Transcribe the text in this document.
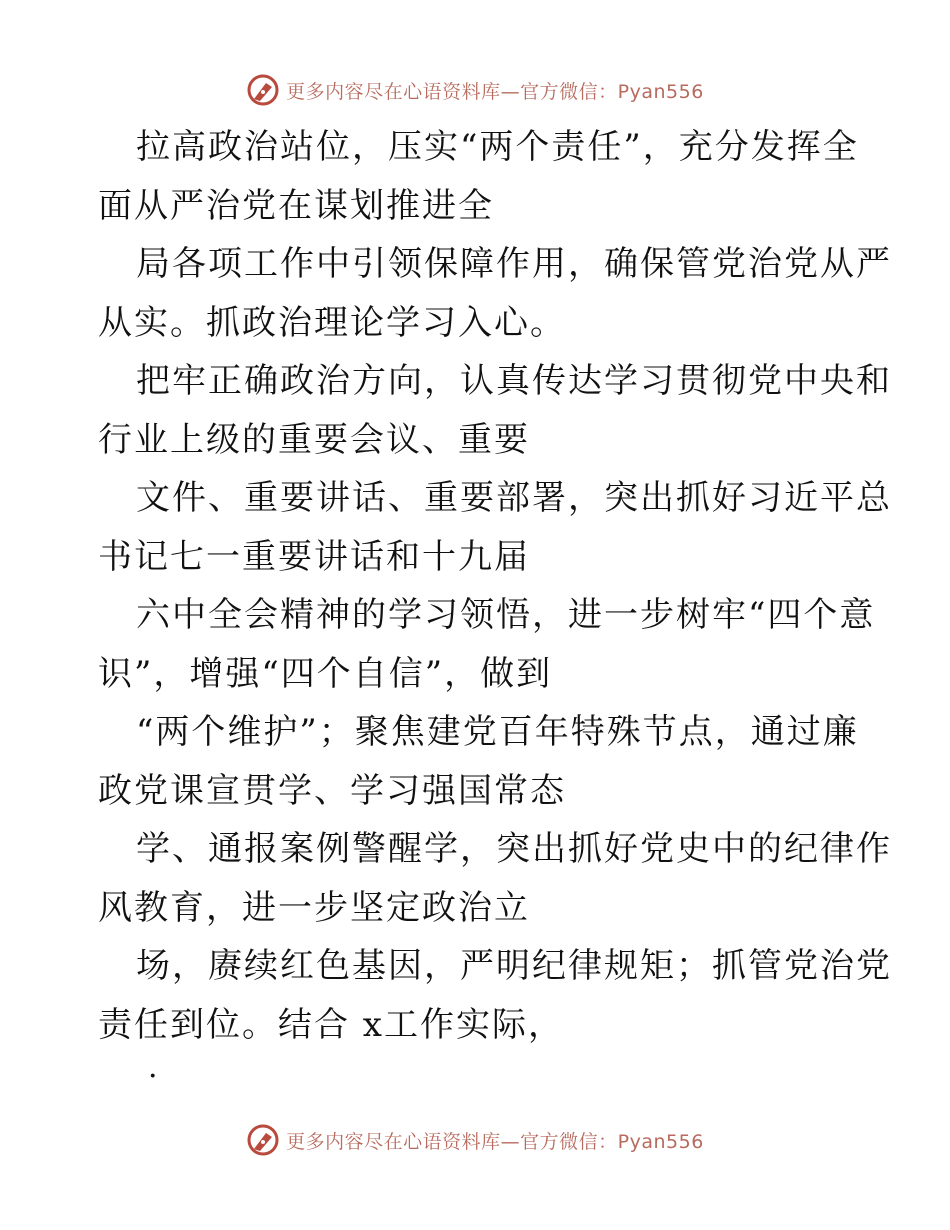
更多内容尽在心语资料库—官方微信：Pyan556

拉高政治站位，压实“两个责任”，充分发挥全

面从严治党在谋划推进全

局各项工作中引领保障作用，确保管党治党从严

从实。抓政治理论学习入心。

把牢正确政治方向，认真传达学习贯彻党中央和

行业上级的重要会议、重要

文件、重要讲话、重要部署，突出抓好习近平总

书记七一重要讲话和十九届

六中全会精神的学习领悟，进一步树牢“四个意

识”，增强“四个自信”，做到

“两个维护”；聚焦建党百年特殊节点，通过廉

政党课宣贯学、学习强国常态

学、通报案例警醒学，突出抓好党史中的纪律作

风教育，进一步坚定政治立

场，赓续红色基因，严明纪律规矩；抓管党治党

责任到位。结合 x工作实际，

·
更多内容尽在心语资料库—官方微信：Pyan556
